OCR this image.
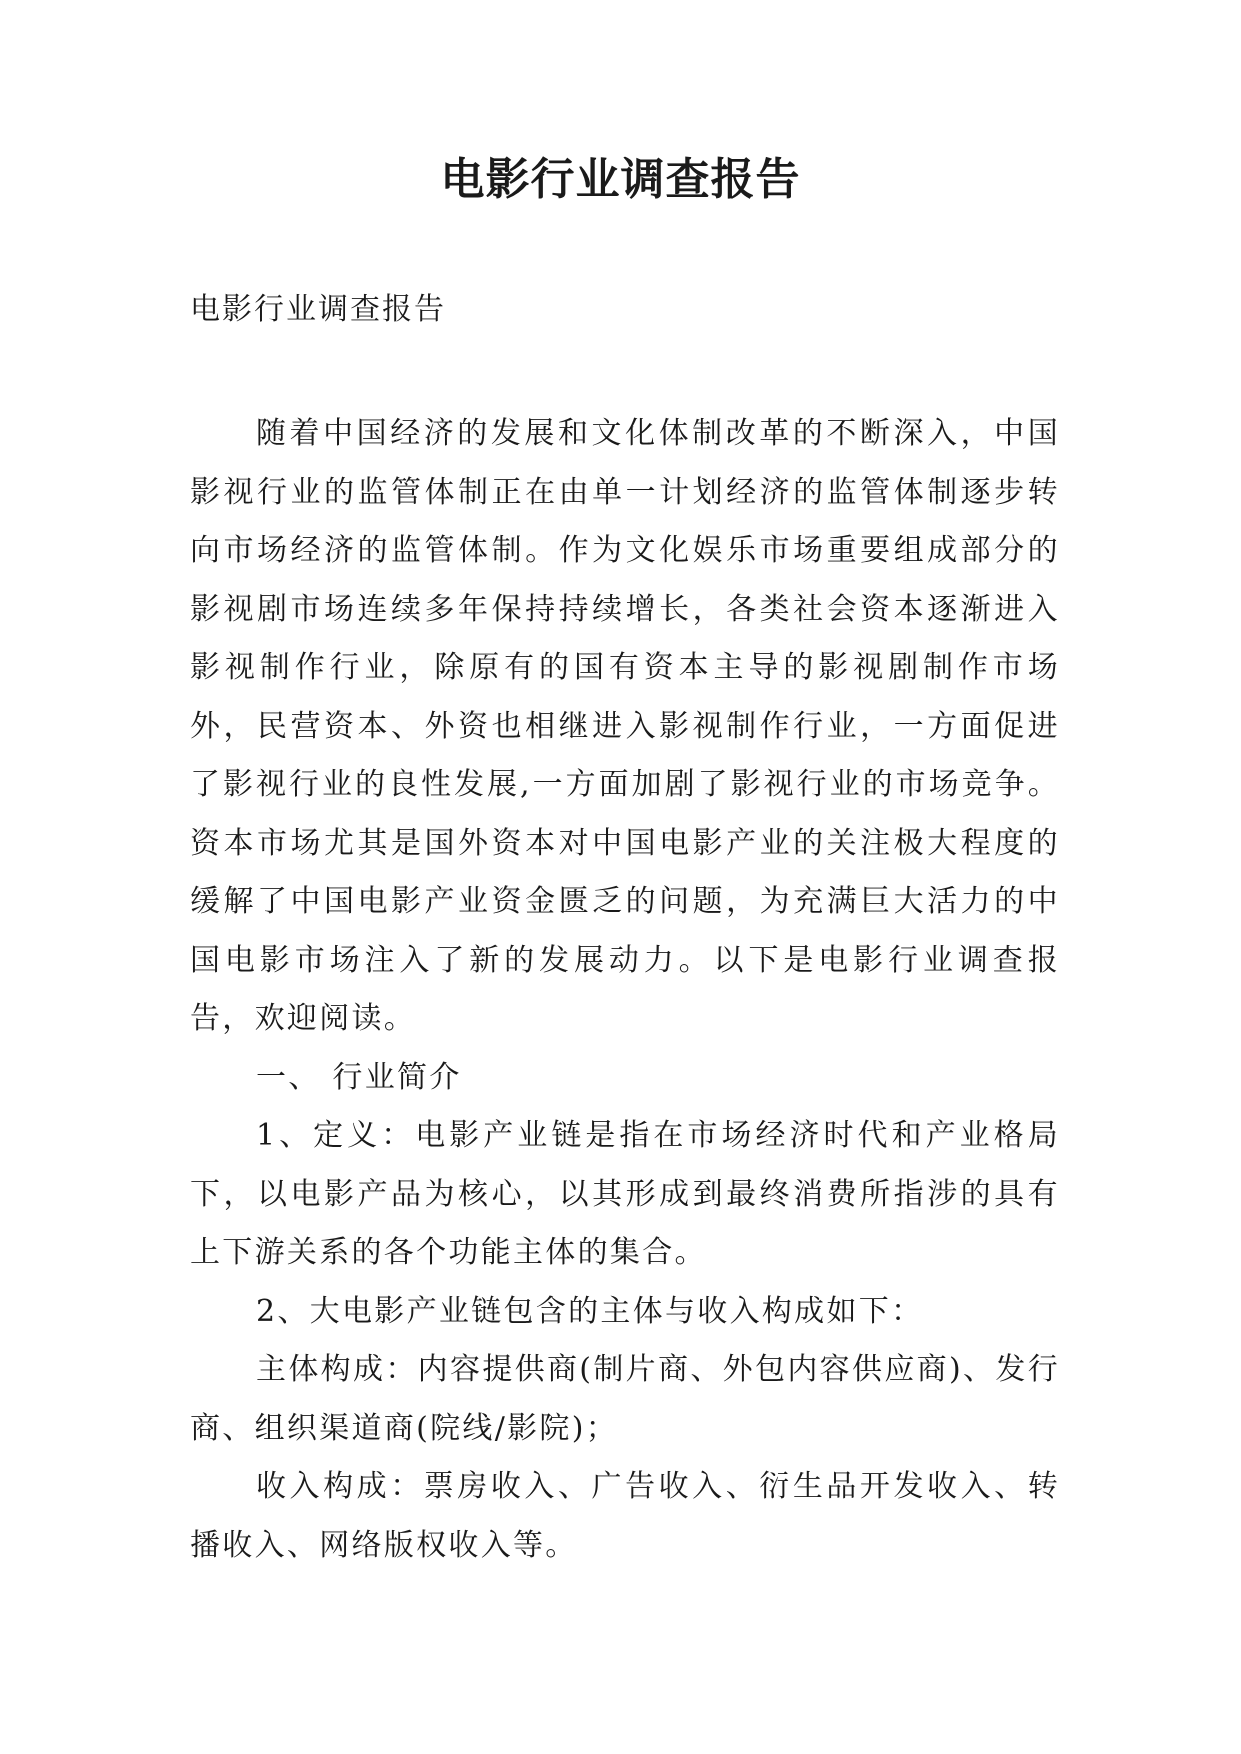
电影行业调查报告

电影行业调查报告

随着中国经济的发展和文化体制改革的不断深入，中国影视行业的监管体制正在由单一计划经济的监管体制逐步转向市场经济的监管体制。作为文化娱乐市场重要组成部分的影视剧市场连续多年保持持续增长，各类社会资本逐渐进入影视制作行业，除原有的国有资本主导的影视剧制作市场外，民营资本、外资也相继进入影视制作行业，一方面促进了影视行业的良性发展,一方面加剧了影视行业的市场竞争。资本市场尤其是国外资本对中国电影产业的关注极大程度的缓解了中国电影产业资金匮乏的问题，为充满巨大活力的中国电影市场注入了新的发展动力。以下是电影行业调查报告，欢迎阅读。

一、 行业简介

1、定义：电影产业链是指在市场经济时代和产业格局下，以电影产品为核心，以其形成到最终消费所指涉的具有上下游关系的各个功能主体的集合。

2、大电影产业链包含的主体与收入构成如下：

主体构成：内容提供商(制片商、外包内容供应商)、发行商、组织渠道商(院线/影院)；

收入构成：票房收入、广告收入、衍生品开发收入、转播收入、网络版权收入等。
